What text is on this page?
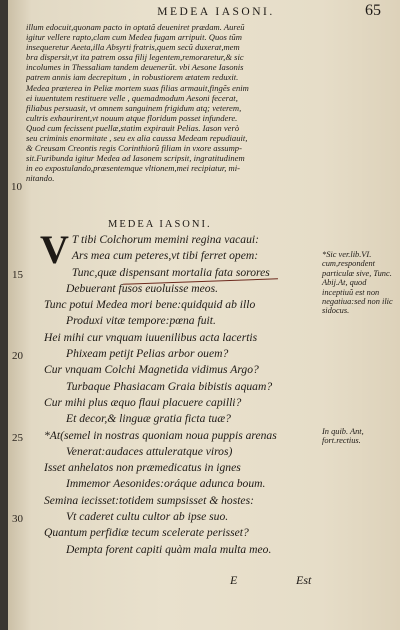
MEDEA IASONI.	65
illum edocuit,quonam pacto in optatã deueniret prædam. Aureũ
igitur vellere rapto,clam cum Medea fugam arripuit. Quos tũm
insequeretur Aeeta,illa Absyrti fratris,quem secũ duxerat,mem
bra dispersit,vt ita patrem ossa filij legentem,remoraretur,& sic
incolumes in Thessaliam tandem deuenerũt. vbi Aesone Iasonis
patrem annis iam decrepitum , in robustiorem ætatem reduxit.
Medea præterea in Peliæ mortem suas filias armauit,fingẽs enim
ei iuuentutem restituere velle , quemadmodum Aesoni fecerat,
filiabus persuasit, vt omnem sanguinem frigidum atq; veterem,
cultris exhaurirent,vt nouum atque floridum posset infundere.
Quod cum fecissent puellæ,statim expirauit Pelias. Iason verò
seu criminis enormitate , seu ex alia caussa Medeam repudiauit,
& Creusam Creontis regis Corinthiorũ filiam in vxore assump-
sit.Furibunda igitur Medea ad Iasonem scripsit, ingratitudinem
in eo expostulando,præsentemque vltionem,mei recipiatur, mi-
nitando.
10
MEDEA IASONI.
V T tibi Colchorum memini regina vacaui:
Ars mea cum peteres,vt tibi ferret opem:
15	Tunc,quæ dispensant mortalia fata sorores
Debuerant fusos euoluisse meos.
Tunc potui Medea mori bene:quidquid ab illo
Produxi vitæ tempore:pœna fuit.
Hei mihi cur vnquam iuuenilibus acta lacertis
20	Phixeam petijt Pelias arbor ouem?
Cur vnquam Colchi Magnetida vidimus Argo?
Turbaque Phasiacam Graia bibistis aquam?
Cur mihi plus æquo flaui placuere capilli?
Et decor,& linguæ gratia ficta tuæ?
25 *At(semel in nostras quoniam noua puppis arenas
Venerat:audaces attuleratque viros)
Isset anhelatos non præmedicatus in ignes
Immemor Aesonides:oráque adunca boum.
Semina iecisset:totidem sumpsisset & hostes:
30	Vt caderet cultu cultor ab ipse suo.
Quantum perfidiæ tecum scelerate perisset?
Dempta forent capiti quàm mala multa meo.
*Sic ver.lib.VI. cum,respondent particulæ sive, Tunc. Abij.At, quod inceptiuũ est non negatiua:sed non ilic sidocus.
In quib. Ant, fort.rectius.
E	Est
